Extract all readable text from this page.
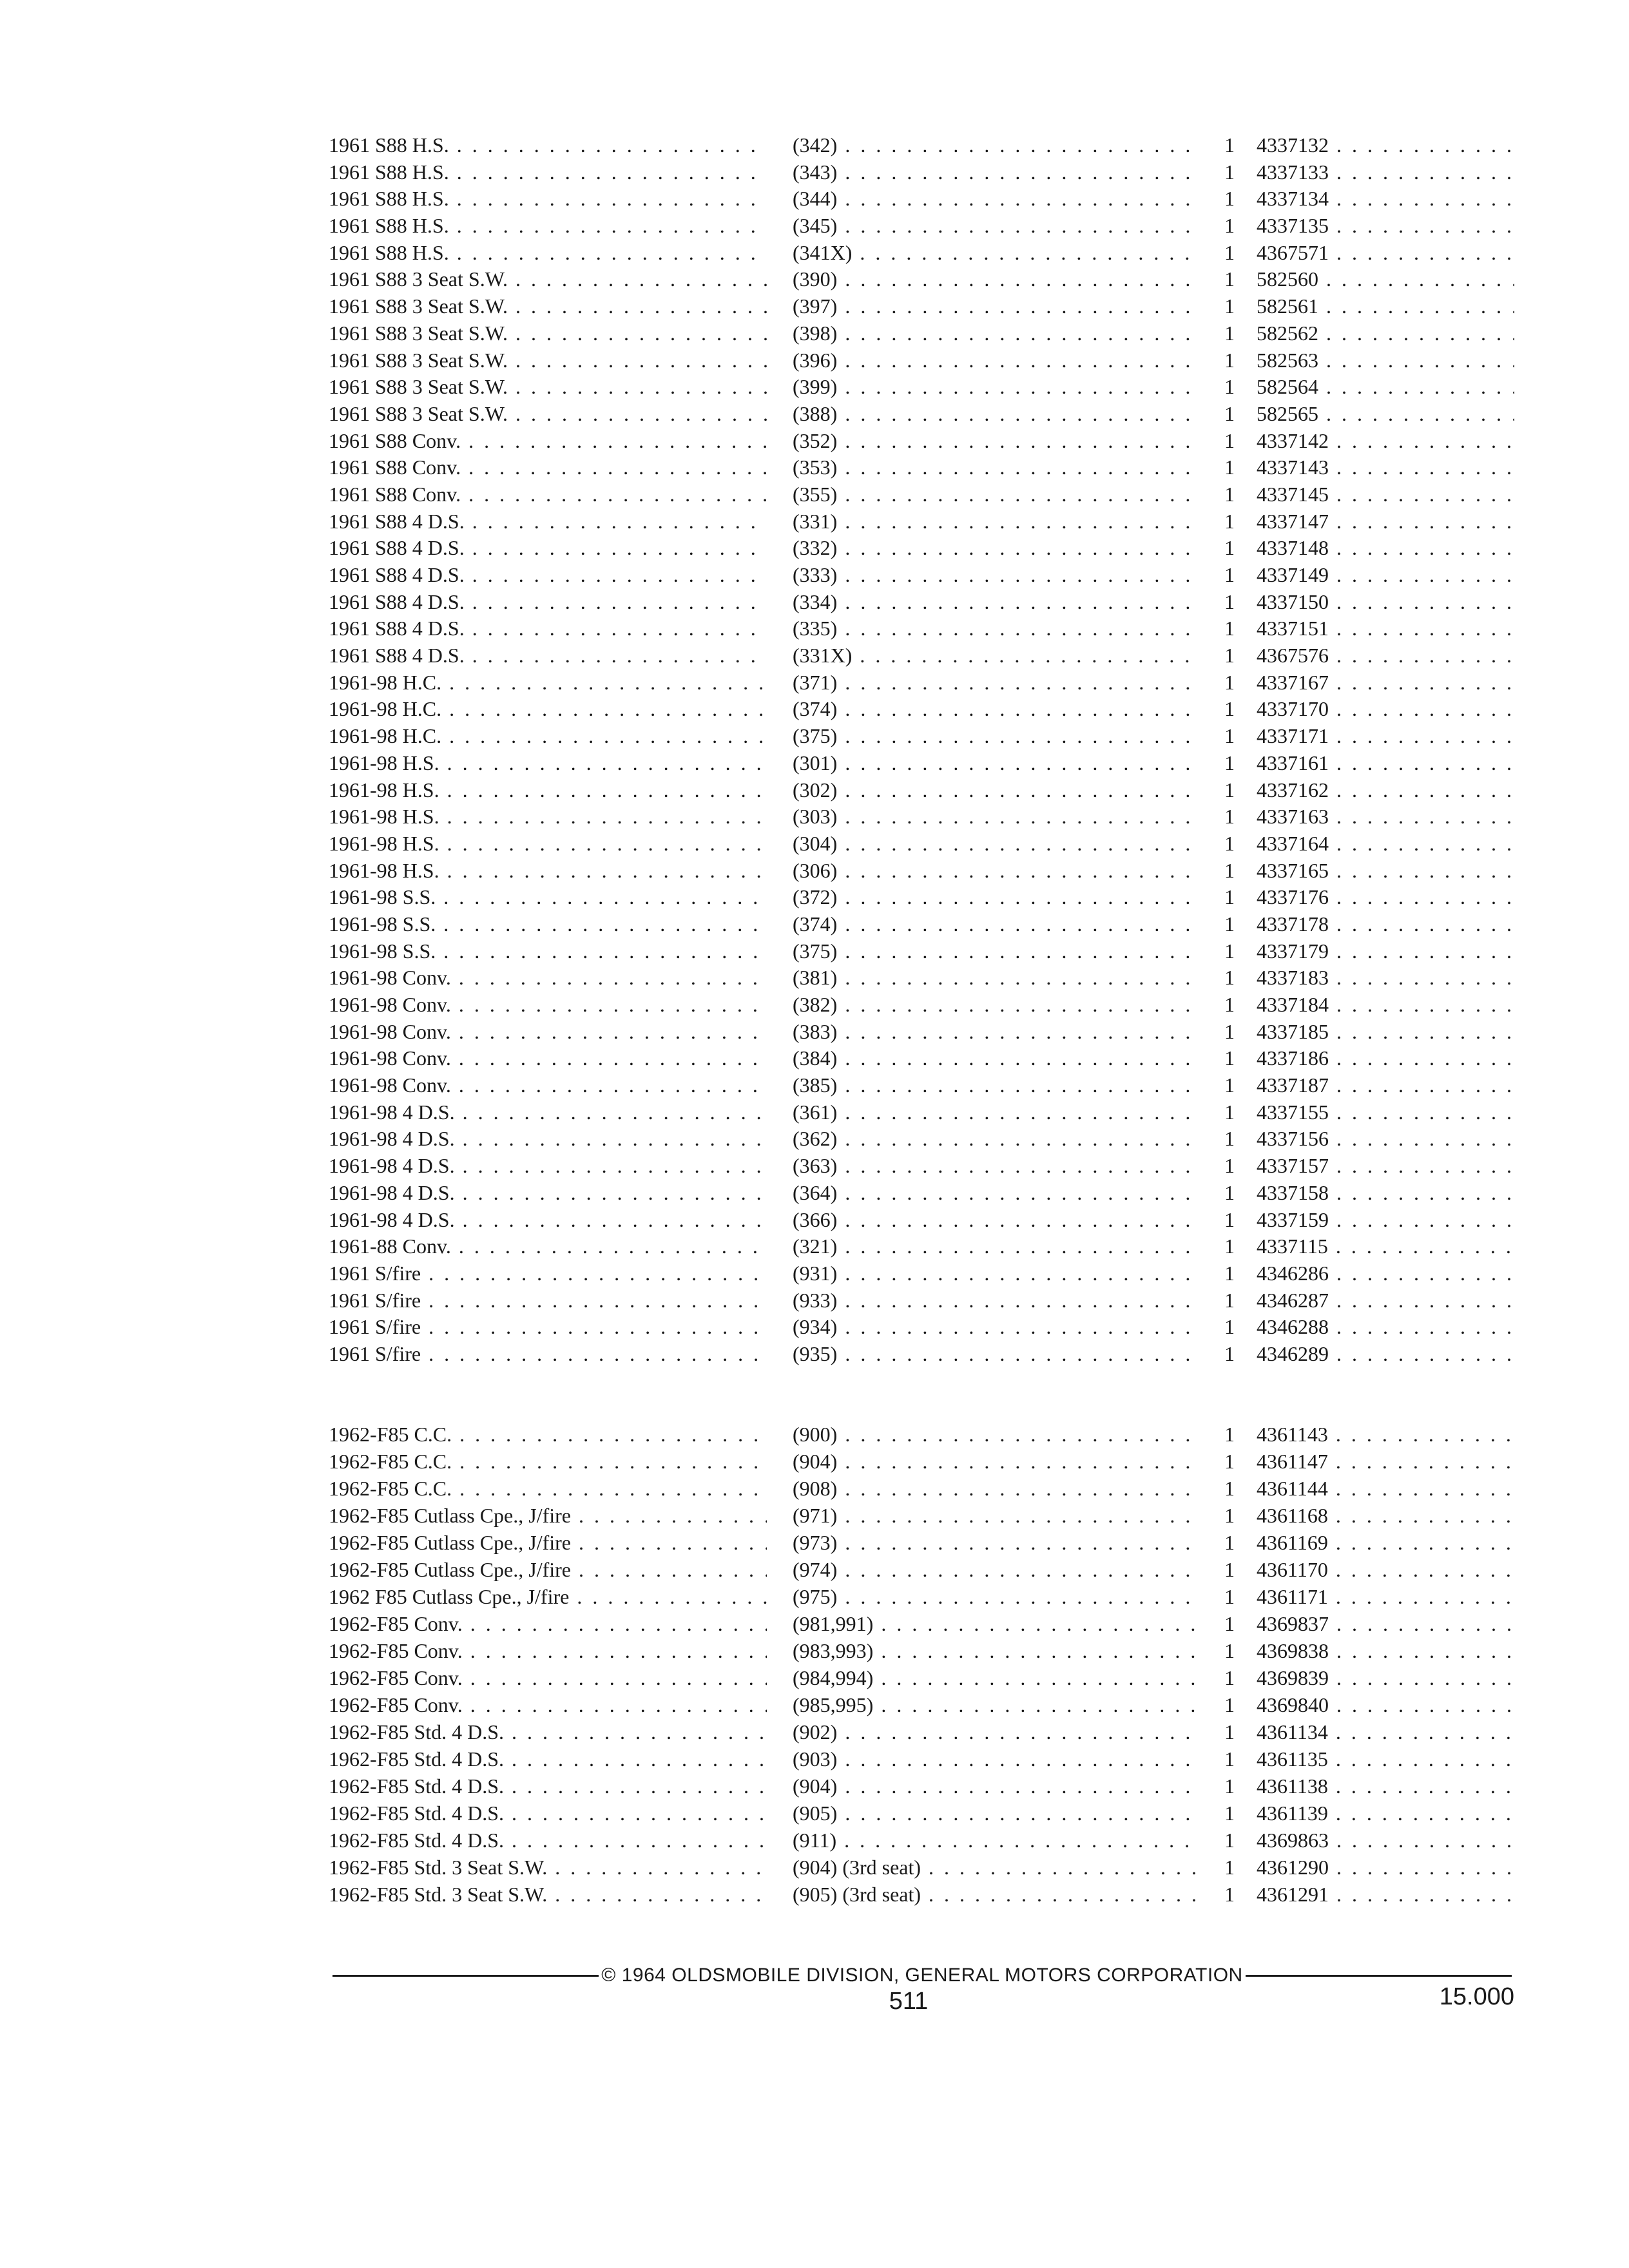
1961 S88 H.S. . . .	(342) . . .	1	4337132 . . .
1961 S88 H.S. . . .	(343) . . .	1	4337133 . . .
1961 S88 H.S. . . .	(344) . . .	1	4337134 . . .
1961 S88 H.S. . . .	(345) . . .	1	4337135 . . .
1961 S88 H.S. . . .	(341X) . . .	1	4367571 . . .
1961 S88 3 Seat S.W. . . .	(390) . . .	1	582560 . . .
1961 S88 3 Seat S.W. . . .	(397) . . .	1	582561 . . .
1961 S88 3 Seat S.W. . . .	(398) . . .	1	582562 . . .
1961 S88 3 Seat S.W. . . .	(396) . . .	1	582563 . . .
1961 S88 3 Seat S.W. . . .	(399) . . .	1	582564 . . .
1961 S88 3 Seat S.W. . . .	(388) . . .	1	582565 . . .
1961 S88 Conv. . . .	(352) . . .	1	4337142 . . .
1961 S88 Conv. . . .	(353) . . .	1	4337143 . . .
1961 S88 Conv. . . .	(355) . . .	1	4337145 . . .
1961 S88 4 D.S. . . .	(331) . . .	1	4337147 . . .
1961 S88 4 D.S. . . .	(332) . . .	1	4337148 . . .
1961 S88 4 D.S. . . .	(333) . . .	1	4337149 . . .
1961 S88 4 D.S. . . .	(334) . . .	1	4337150 . . .
1961 S88 4 D.S. . . .	(335) . . .	1	4337151 . . .
1961 S88 4 D.S. . . .	(331X) . . .	1	4367576 . . .
1961-98 H.C. . . .	(371) . . .	1	4337167 . . .
1961-98 H.C. . . .	(374) . . .	1	4337170 . . .
1961-98 H.C. . . .	(375) . . .	1	4337171 . . .
1961-98 H.S. . . .	(301) . . .	1	4337161 . . .
1961-98 H.S. . . .	(302) . . .	1	4337162 . . .
1961-98 H.S. . . .	(303) . . .	1	4337163 . . .
1961-98 H.S. . . .	(304) . . .	1	4337164 . . .
1961-98 H.S. . . .	(306) . . .	1	4337165 . . .
1961-98 S.S. . . .	(372) . . .	1	4337176 . . .
1961-98 S.S. . . .	(374) . . .	1	4337178 . . .
1961-98 S.S. . . .	(375) . . .	1	4337179 . . .
1961-98 Conv. . . .	(381) . . .	1	4337183 . . .
1961-98 Conv. . . .	(382) . . .	1	4337184 . . .
1961-98 Conv. . . .	(383) . . .	1	4337185 . . .
1961-98 Conv. . . .	(384) . . .	1	4337186 . . .
1961-98 Conv. . . .	(385) . . .	1	4337187 . . .
1961-98 4 D.S. . . .	(361) . . .	1	4337155 . . .
1961-98 4 D.S. . . .	(362) . . .	1	4337156 . . .
1961-98 4 D.S. . . .	(363) . . .	1	4337157 . . .
1961-98 4 D.S. . . .	(364) . . .	1	4337158 . . .
1961-98 4 D.S. . . .	(366) . . .	1	4337159 . . .
1961-88 Conv. . . .	(321) . . .	1	4337115 . . .
1961 S/fire . . .	(931) . . .	1	4346286 . . .
1961 S/fire . . .	(933) . . .	1	4346287 . . .
1961 S/fire . . .	(934) . . .	1	4346288 . . .
1961 S/fire . . .	(935) . . .	1	4346289 . . .
1962-F85 C.C. . . .	(900) . . .	1	4361143 . . .
1962-F85 C.C. . . .	(904) . . .	1	4361147 . . .
1962-F85 C.C. . . .	(908) . . .	1	4361144 . . .
1962-F85 Cutlass Cpe., J/fire . . .	(971) . . .	1	4361168 . . .
1962-F85 Cutlass Cpe., J/fire . . .	(973) . . .	1	4361169 . . .
1962-F85 Cutlass Cpe., J/fire . . .	(974) . . .	1	4361170 . . .
1962 F85 Cutlass Cpe., J/fire . . .	(975) . . .	1	4361171 . . .
1962-F85 Conv. . . .	(981,991) . . .	1	4369837 . . .
1962-F85 Conv. . . .	(983,993) . . .	1	4369838 . . .
1962-F85 Conv. . . .	(984,994) . . .	1	4369839 . . .
1962-F85 Conv. . . .	(985,995) . . .	1	4369840 . . .
1962-F85 Std. 4 D.S. . . .	(902) . . .	1	4361134 . . .
1962-F85 Std. 4 D.S. . . .	(903) . . .	1	4361135 . . .
1962-F85 Std. 4 D.S. . . .	(904) . . .	1	4361138 . . .
1962-F85 Std. 4 D.S. . . .	(905) . . .	1	4361139 . . .
1962-F85 Std. 4 D.S. . . .	(911) . . .	1	4369863 . . .
1962-F85 Std. 3 Seat S.W. . . .	(904) (3rd seat) . . .	1	4361290 . . .
1962-F85 Std. 3 Seat S.W. . . .	(905) (3rd seat) . . .	1	4361291 . . .
© 1964 OLDSMOBILE DIVISION, GENERAL MOTORS CORPORATION
511	15.000
